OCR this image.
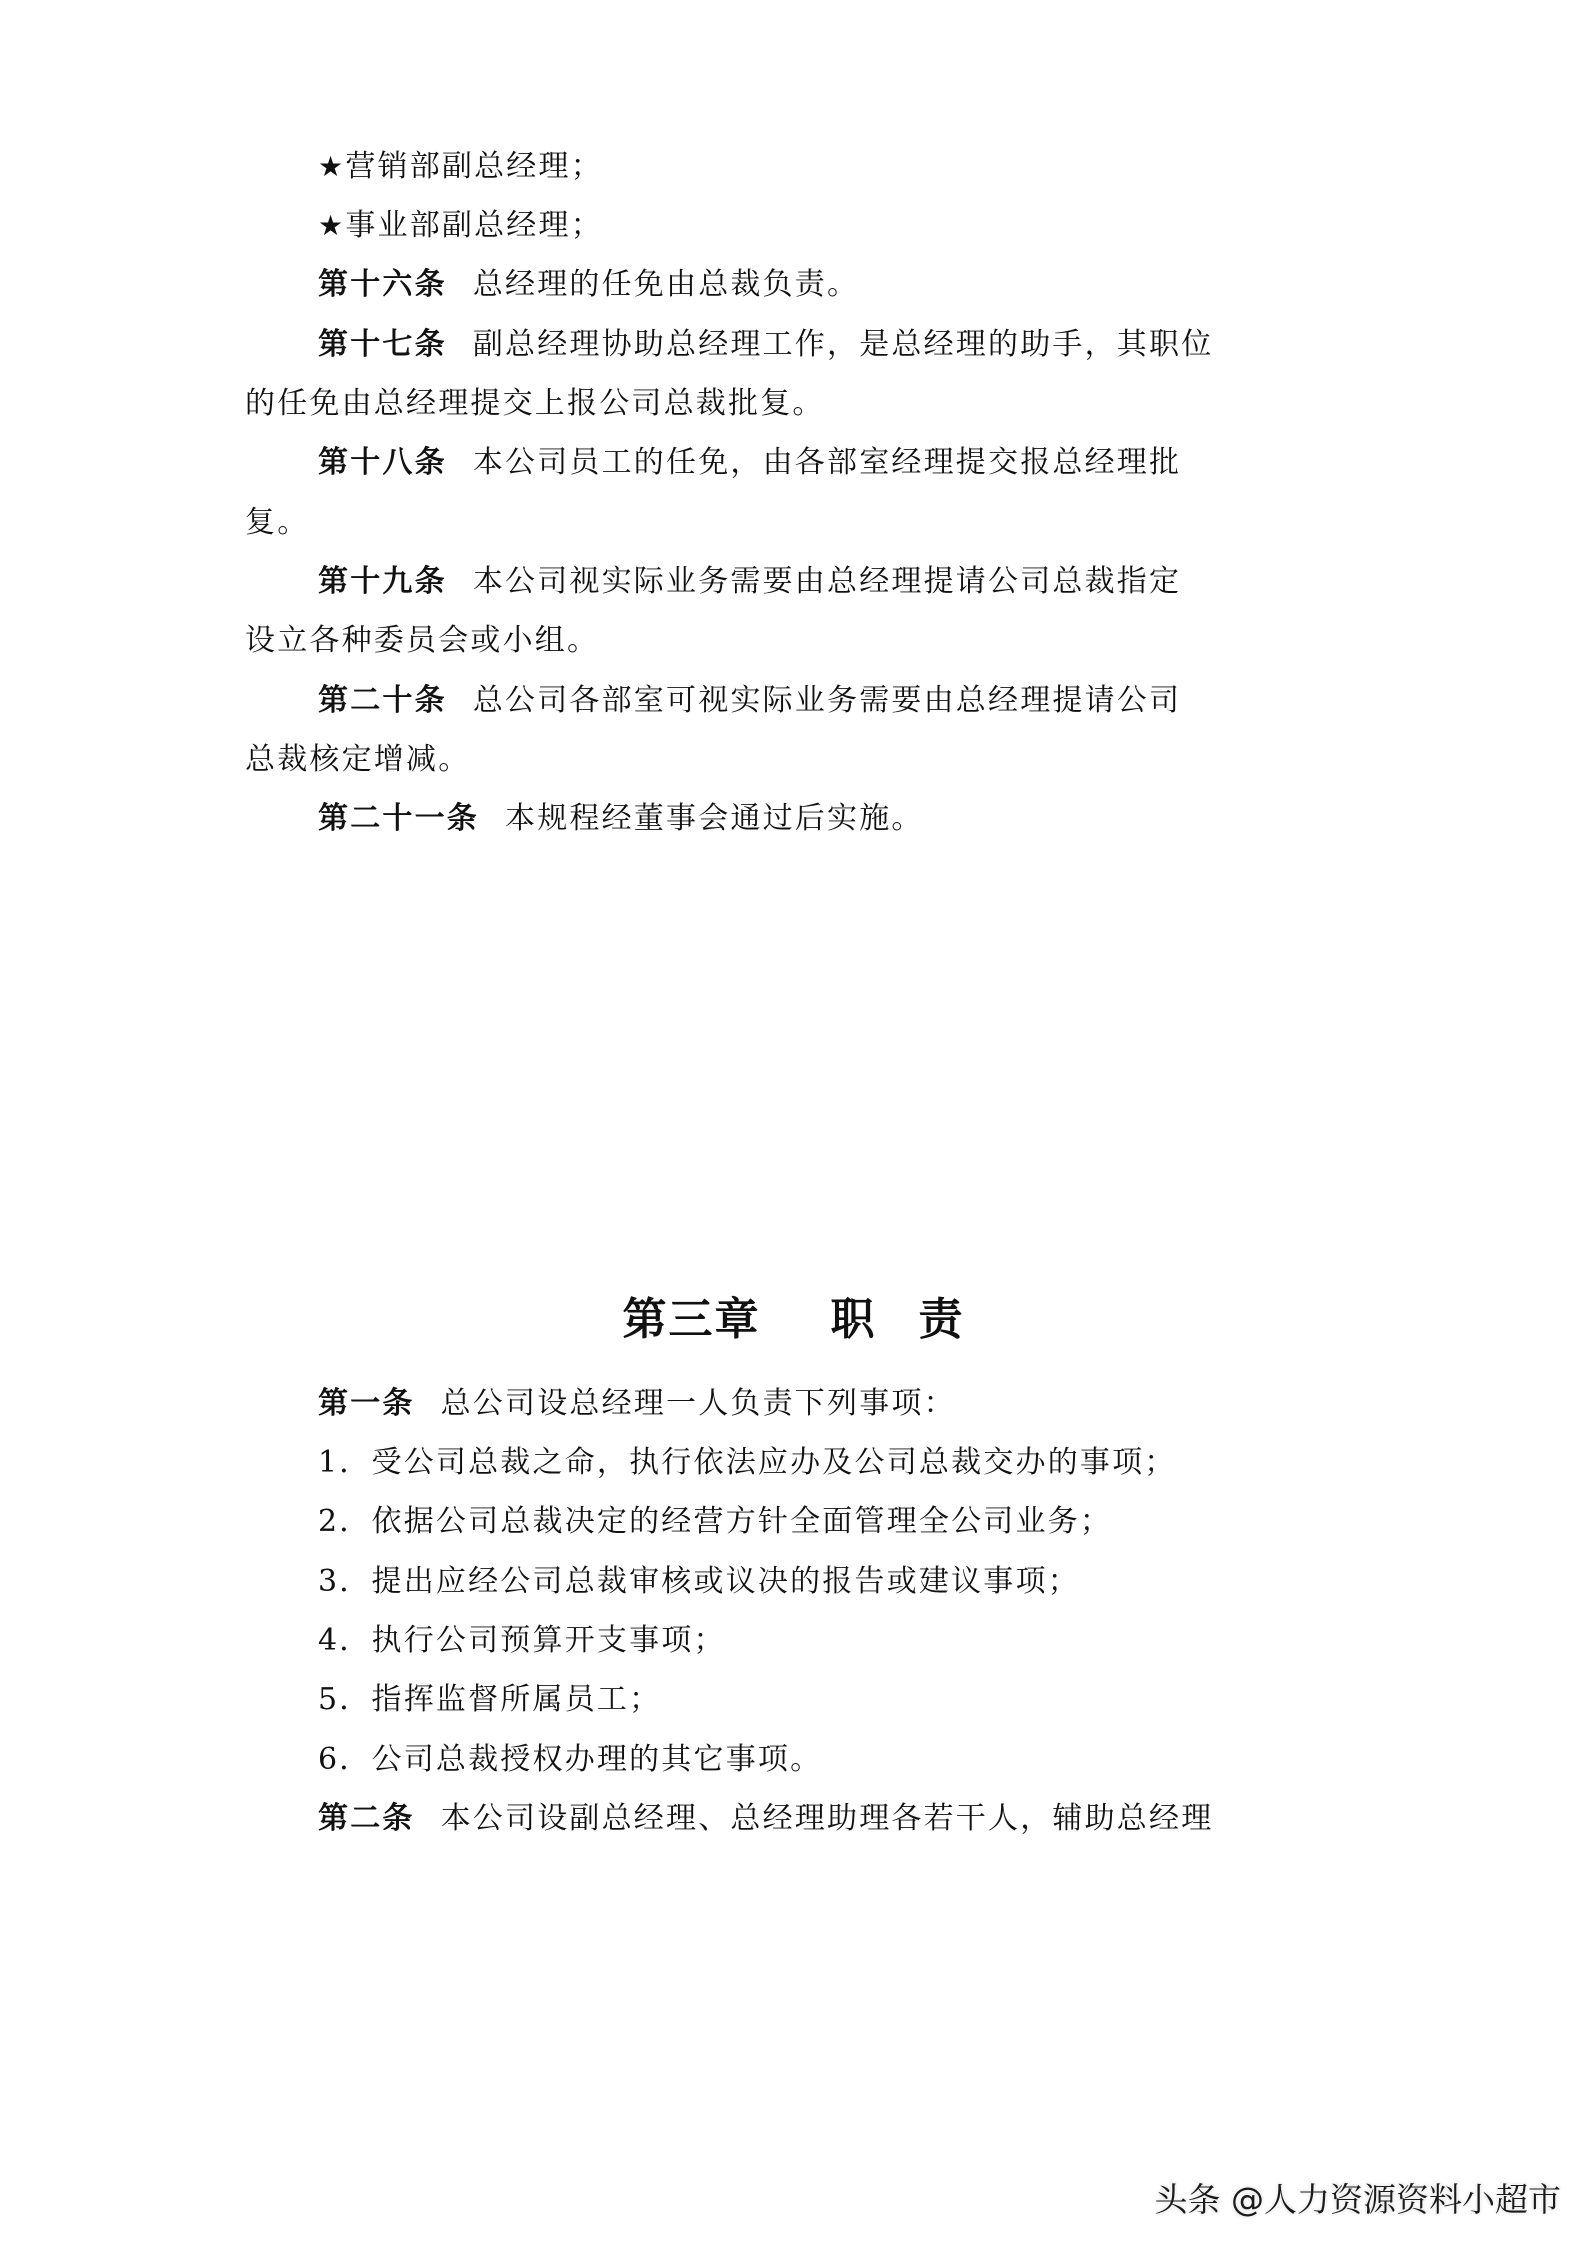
★营销部副总经理；
★事业部副总经理；
第十六条 总经理的任免由总裁负责。
第十七条 副总经理协助总经理工作，是总经理的助手，其职位
的任免由总经理提交上报公司总裁批复。
第十八条 本公司员工的任免，由各部室经理提交报总经理批
复。
第十九条 本公司视实际业务需要由总经理提请公司总裁指定
设立各种委员会或小组。
第二十条 总公司各部室可视实际业务需要由总经理提请公司
总裁核定增减。
第二十一条 本规程经董事会通过后实施。
第三章 职 责
第一条 总公司设总经理一人负责下列事项：
1．受公司总裁之命，执行依法应办及公司总裁交办的事项；
2．依据公司总裁决定的经营方针全面管理全公司业务；
3．提出应经公司总裁审核或议决的报告或建议事项；
4．执行公司预算开支事项；
5．指挥监督所属员工；
6．公司总裁授权办理的其它事项。
第二条 本公司设副总经理、总经理助理各若干人，辅助总经理
头条 @人力资源资料小超市
